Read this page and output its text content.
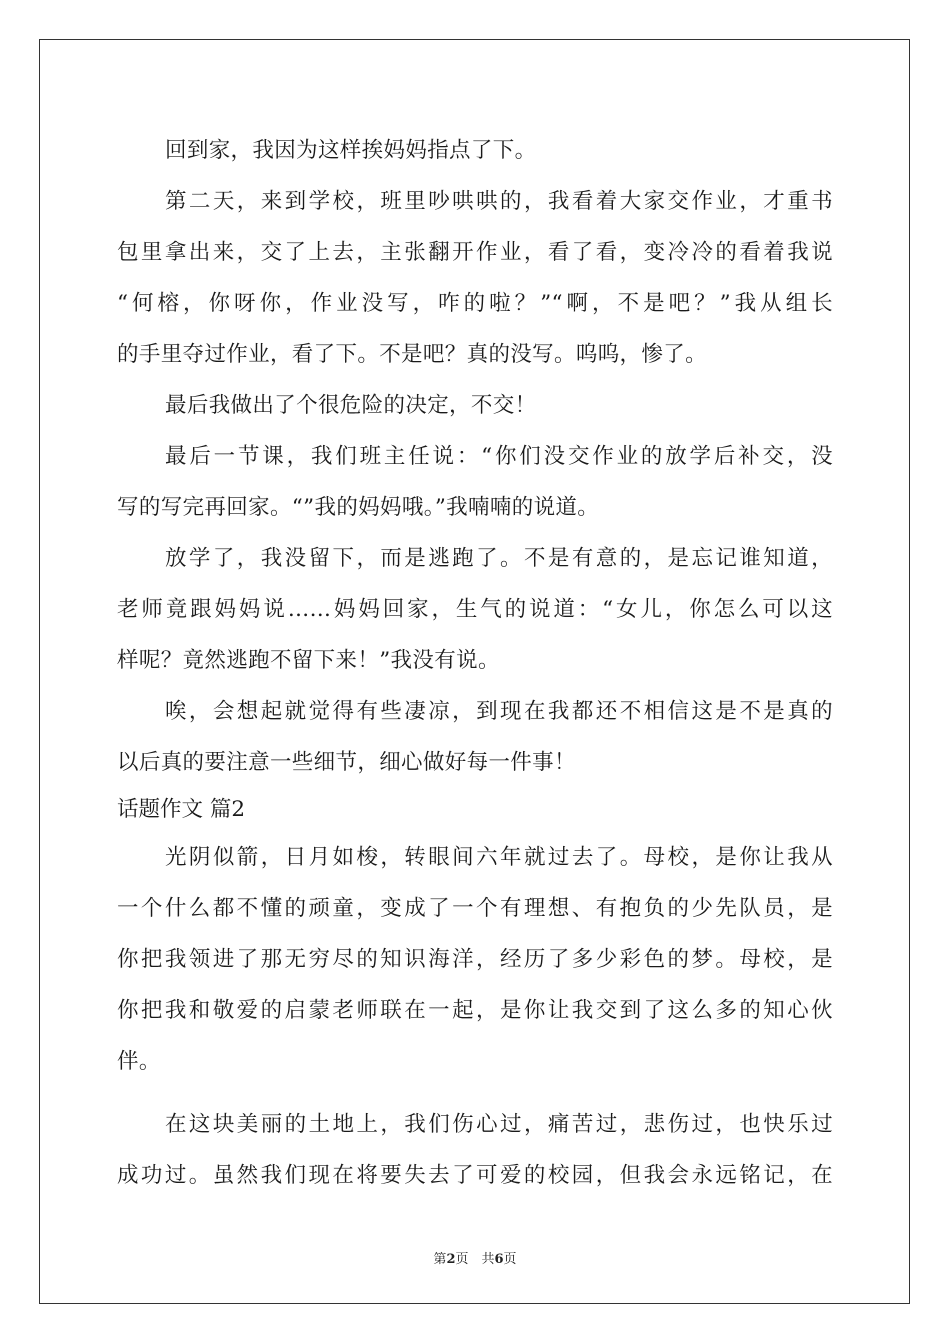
回到家，我因为这样挨妈妈指点了下。
第二天，来到学校，班里吵哄哄的，我看着大家交作业，才重书
包里拿出来，交了上去，主张翻开作业，看了看，变冷冷的看着我说
“何榕，你呀你，作业没写，咋的啦？”“啊，不是吧？”我从组长
的手里夺过作业，看了下。不是吧？真的没写。呜呜，惨了。
最后我做出了个很危险的决定，不交！
最后一节课，我们班主任说：“你们没交作业的放学后补交，没
写的写完再回家。“”我的妈妈哦。”我喃喃的说道。
放学了，我没留下，而是逃跑了。不是有意的，是忘记谁知道，
老师竟跟妈妈说……妈妈回家，生气的说道：“女儿，你怎么可以这
样呢？竟然逃跑不留下来！”我没有说。
唉，会想起就觉得有些凄凉，到现在我都还不相信这是不是真的
以后真的要注意一些细节，细心做好每一件事！
话题作文 篇2
光阴似箭，日月如梭，转眼间六年就过去了。母校，是你让我从
一个什么都不懂的顽童，变成了一个有理想、有抱负的少先队员，是
你把我领进了那无穷尽的知识海洋，经历了多少彩色的梦。母校，是
你把我和敬爱的启蒙老师联在一起，是你让我交到了这么多的知心伙
伴。
在这块美丽的土地上，我们伤心过，痛苦过，悲伤过，也快乐过
成功过。虽然我们现在将要失去了可爱的校园，但我会永远铭记，在
第2页　共6页
